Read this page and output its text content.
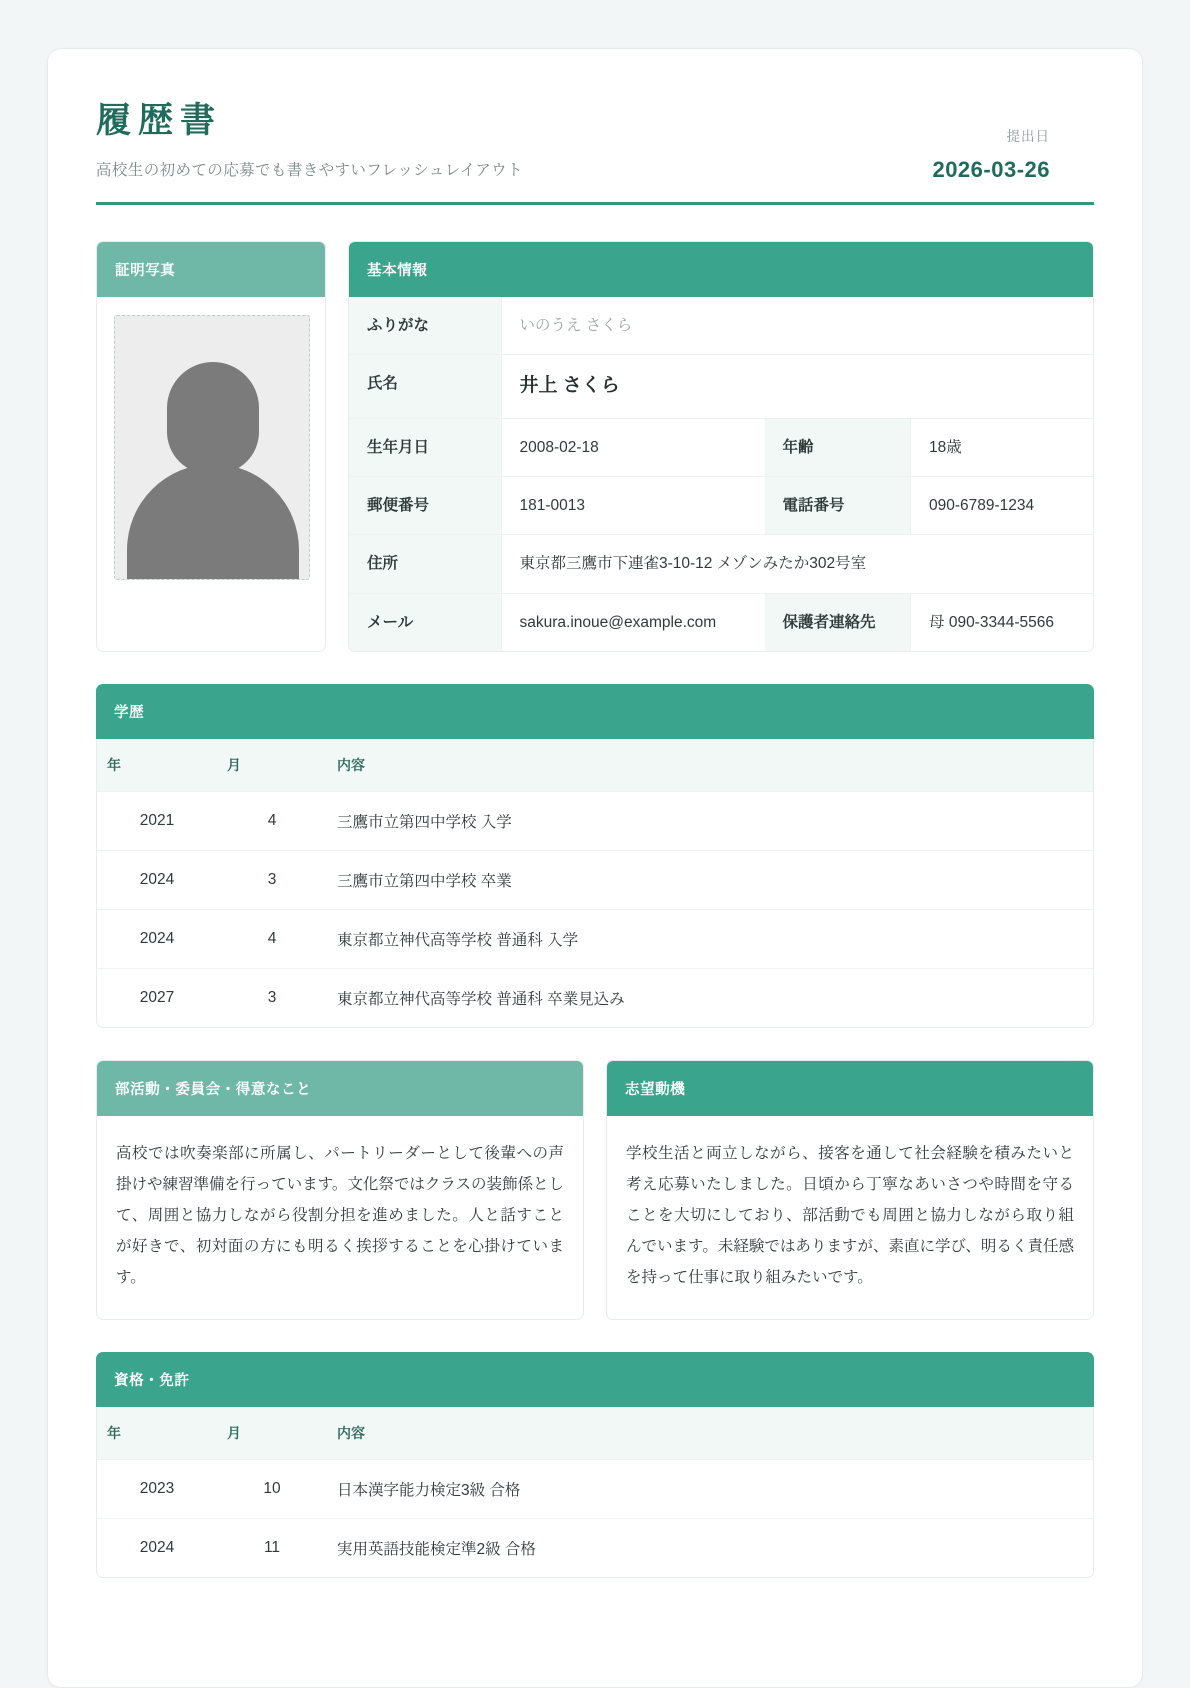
履歴書
高校生の初めての応募でも書きやすいフレッシュレイアウト
提出日
2026-03-26
証明写真	基本情報
ふりがな	いのうえ さくら		
氏名	井上 さくら		
生年月日	2008-02-18	年齢	18歳
郵便番号	181-0013	電話番号	090-6789-1234

住所	東京都三鷹市下連雀3-10-12 メゾンみたか302号室		
メール	sakura.inoue@example.com	保護者連絡先	母 090-3344-5566
学歴
年	月	内容
2021	4	三鷹市立第四中学校 入学
2024	3	三鷹市立第四中学校 卒業
2024	4	東京都立神代高等学校 普通科 入学
2027	3	東京都立神代高等学校 普通科 卒業見込み
部活動・委員会・得意なこと
高校では吹奏楽部に所属し、パートリーダーとして後輩への声掛けや練習準備を行っています。文化祭ではクラスの装飾係として、周囲と協力しながら役割分担を進めました。人と話すことが好きで、初対面の方にも明るく挨拶することを心掛けています。
志望動機
学校生活と両立しながら、接客を通して社会経験を積みたいと考え応募いたしました。日頃から丁寧なあいさつや時間を守ることを大切にしており、部活動でも周囲と協力しながら取り組んでいます。未経験ではありますが、素直に学び、明るく責任感を持って仕事に取り組みたいです。
資格・免許
年	月	内容
2023	10	日本漢字能力検定3級 合格
2024	11	実用英語技能検定準2級 合格
